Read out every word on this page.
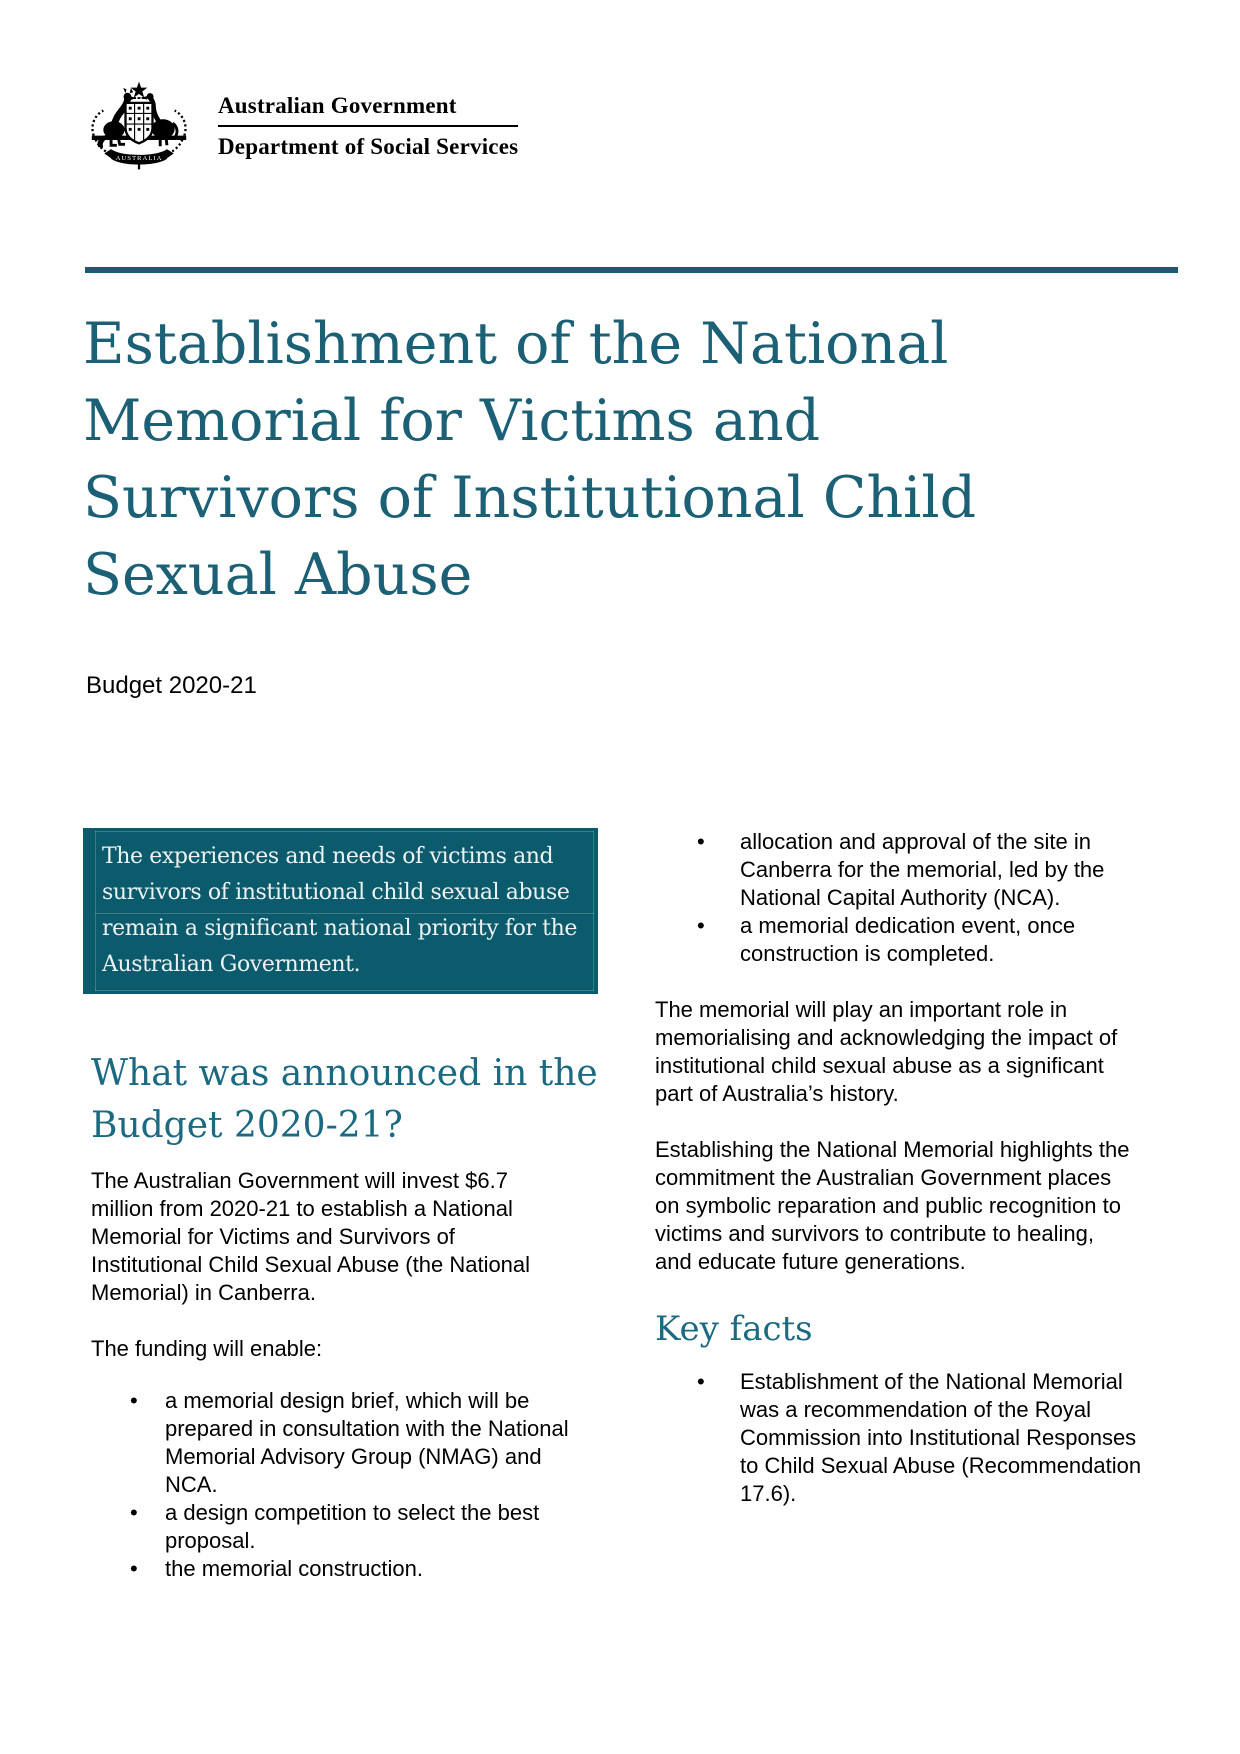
AUSTRALIA
Australian Government
Department of Social Services
Establishment of the National
Memorial for Victims and
Survivors of Institutional Child
Sexual Abuse
Budget 2020-21
The experiences and needs of victims and survivors of institutional child sexual abuse remain a significant national priority for the Australian Government.
What was announced in the
Budget 2020-21?

The Australian Government will invest $6.7 million from 2020-21 to establish a National Memorial for Victims and Survivors of Institutional Child Sexual Abuse (the National Memorial) in Canberra.

The funding will enable:

• a memorial design brief, which will be prepared in consultation with the National Memorial Advisory Group (NMAG) and NCA.
• a design competition to select the best proposal.
• the memorial construction.
• allocation and approval of the site in Canberra for the memorial, led by the National Capital Authority (NCA).
• a memorial dedication event, once construction is completed.

The memorial will play an important role in memorialising and acknowledging the impact of institutional child sexual abuse as a significant part of Australia’s history.

Establishing the National Memorial highlights the commitment the Australian Government places on symbolic reparation and public recognition to victims and survivors to contribute to healing, and educate future generations.

Key facts
• Establishment of the National Memorial was a recommendation of the Royal Commission into Institutional Responses to Child Sexual Abuse (Recommendation 17.6).
